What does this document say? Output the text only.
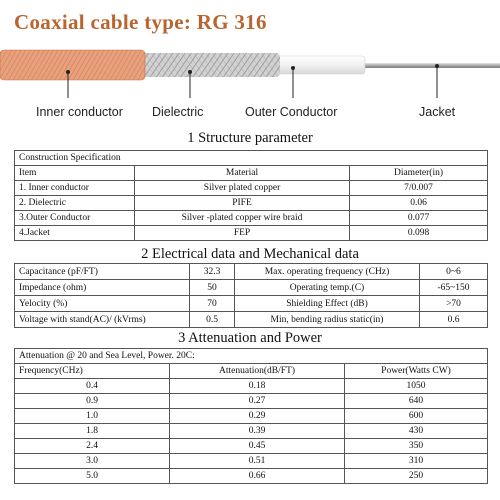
Coaxial cable type: RG 316
Inner conductor Dielectric	Outer Conductor	Jacket
1 Structure parameter
Construction Specification		
Item	Material	Diameter(in)
1. Inner conductor	Silver plated copper	7/0.007
2. Dielectric	PIFE	0.06
3.Outer Conductor	Silver -plated copper wire braid	0.077
4.Jacket	FEP	0.098
2 Electrical data and Mechanical data
Capacitance (pF/FT)	32.3	Max. operating frequency (CHz)	0~6
Impedance (ohm)	50	Operating temp.(C)	-65~150
Yelocity (%)	70	Shielding Effect (dB)	>70
Voltage with stand(AC)/ (kVrms)	0.5	Min, bending radius static(in)	0.6
3 Attenuation and Power
Attenuation @ 20 and Sea Level, Power. 20C:		
Frequency(CHz)	Attenuation(dB/FT)	Power(Watts CW)
0.4	0.18	1050
0.9	0.27	640
1.0	0.29	600
1.8	0.39	430
2.4	0.45	350
3.0	0.51	310
5.0	0.66	250
